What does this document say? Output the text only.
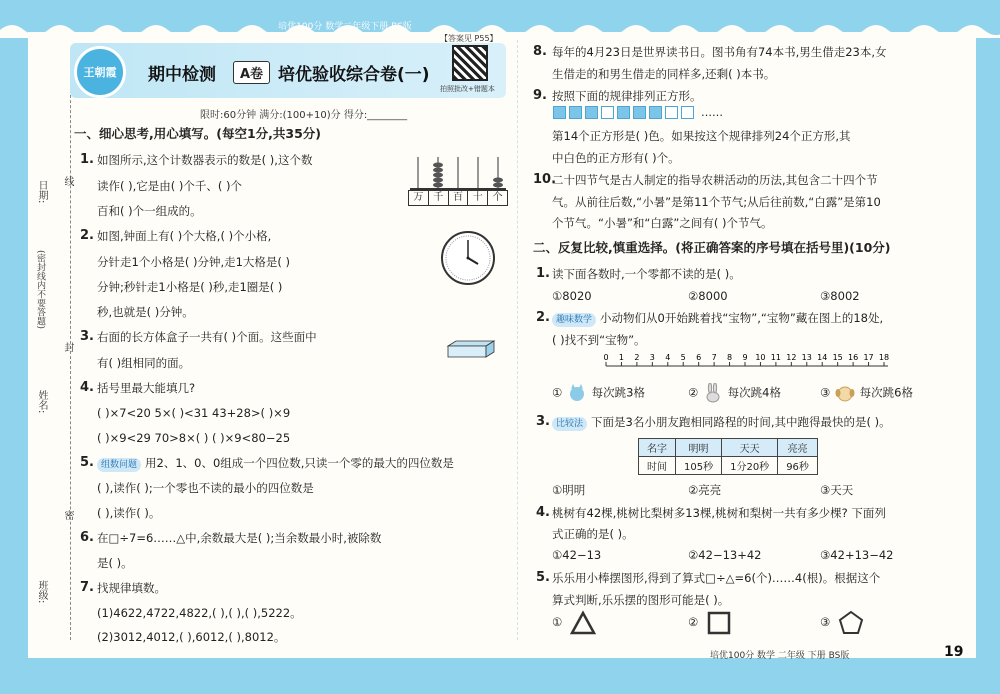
培优100分 数学二年级下册 BS版
日期: 线
(密封线内不要答题)
封
姓名:
密
班级:
王朝霞	期中检测	A卷 培优验收综合卷(一)
【答案见 P55】
拍照批改+错题本
限时:60分钟 满分:(100+10)分 得分:________
一、细心思考,用心填写。(每空1分,共35分)
1. 如图所示,这个计数器表示的数是( ),这个数
读作( ),它是由( )个千、( )个
百和( )个一组成的。
万 千 百 十 个
2. 如图,钟面上有( )个大格,( )个小格,
分针走1个小格是( )分钟,走1大格是( )
分钟;秒针走1小格是( )秒,走1圈是( )
秒,也就是( )分钟。
3. 右面的长方体盒子一共有( )个面。这些面中
有( )组相同的面。
4. 括号里最大能填几?
( )×7<20 5×( )<31 43+28>( )×9
( )×9<29 70>8×( ) ( )×9<80−25
5. 组数问题 用2、1、0、0组成一个四位数,只读一个零的最大的四位数是
( ),读作( );一个零也不读的最小的四位数是
( ),读作( )。
6. 在□÷7=6……△中,余数最大是( );当余数最小时,被除数
是( )。
7. 找规律填数。
(1)4622,4722,4822,( ),( ),( ),5222。
(2)3012,4012,( ),6012,( ),8012。
8. 每年的4月23日是世界读书日。图书角有74本书,男生借走23本,女
生借走的和男生借走的同样多,还剩( )本书。
9. 按照下面的规律排列正方形。
……
第14个正方形是( )色。如果按这个规律排列24个正方形,其
中白色的正方形有( )个。
10.
二十四节气是古人制定的指导农耕活动的历法,其包含二十四个节
气。从前往后数,“小暑”是第11个节气;从后往前数,“白露”是第10
个节气。“小暑”和“白露”之间有( )个节气。
二、反复比较,慎重选择。(将正确答案的序号填在括号里)(10分)
1. 读下面各数时,一个零都不读的是( )。
①8020	②8000	③8002
2. 趣味数学 小动物们从0开始跳着找“宝物”,“宝物”藏在图上的18处,
( )找不到“宝物”。
0 1 2 3 4 5 6 7 8 9 10 11 12 13 14 15 16 17 18
①	每次跳3格	②	每次跳4格	③	每次跳6格
3. 比较法 下面是3名小朋友跑相同路程的时间,其中跑得最快的是( )。
名字	明明	天天	亮亮
时间	105秒	1分20秒	96秒
①明明	②亮亮	③天天
4. 桃树有42棵,桃树比梨树多13棵,桃树和梨树一共有多少棵? 下面列
式正确的是( )。
①42−13	②42−13+42	③42+13−42
5. 乐乐用小棒摆图形,得到了算式□÷△=6(个)……4(根)。根据这个
算式判断,乐乐摆的图形可能是( )。
①	②	③
培优100分 数学 二年级 下册 BS版	19
